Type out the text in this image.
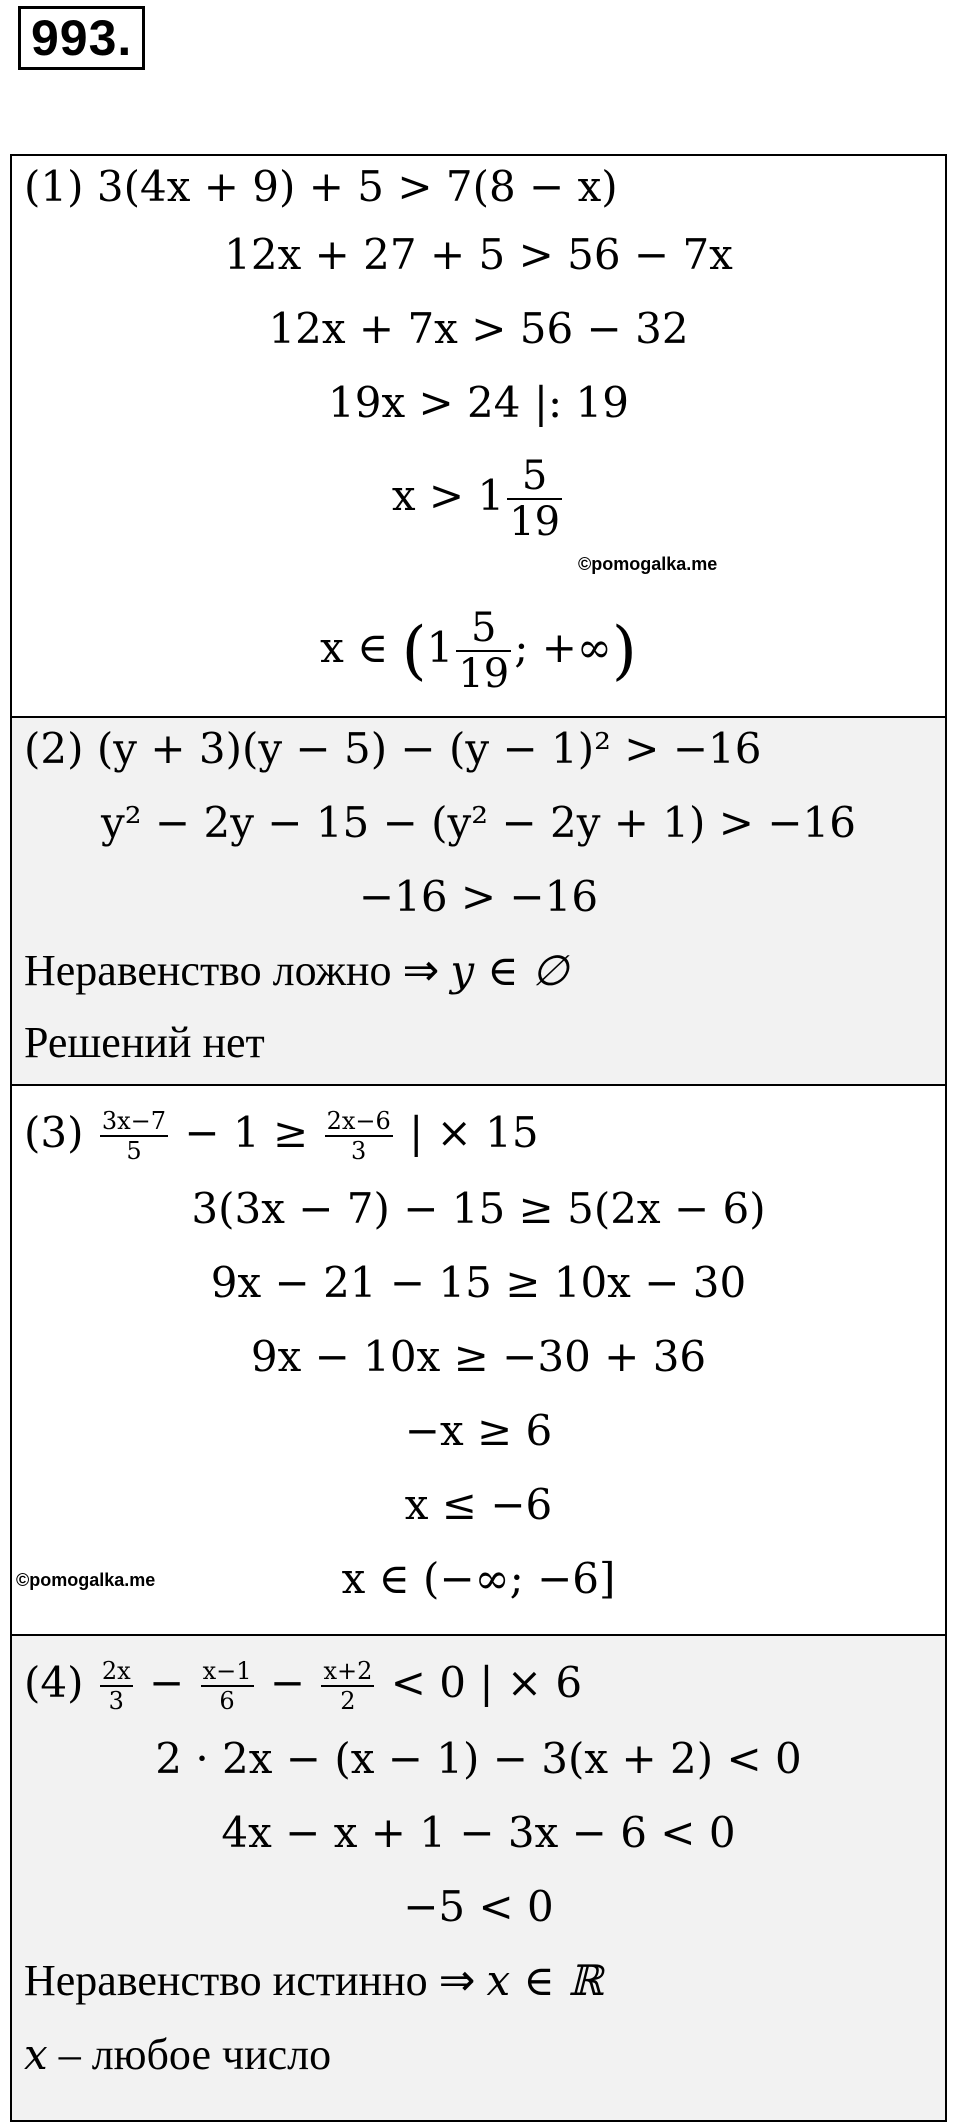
993.
(1) 3(4x + 9) + 5 > 7(8 − x)
12x + 27 + 5 > 56 − 7x
12x + 7x > 56 − 32
19x > 24 |: 19
$x > 1 \frac{5}{19}$
©pomogalka.me
x ∈ ($1 \frac{5}{19}$ ; +∞)
(2) (y + 3)(y − 5) − (y − 1)² > −16
y² − 2y − 15 − (y² − 2y + 1) > −16
−16 > −16
Неравенство ложно ⇒ y ∈ ∅
Решений нет
$(3) \frac{3x-7}{5} - 1 \ge \frac{2x-6}{3}$ | × 15
3(3x − 7) − 15 ≥ 5(2x − 6)
9x − 21 − 15 ≥ 10x − 30
9x − 10x ≥ −30 + 36
−x ≥ 6
x ≤ −6
©pomogalka.me	x ∈ (−∞; −6]
$(4) \frac{2x}{3} - \frac{x-1}{6} - \frac{x+2}{2} < 0$ | × 6
2 · 2x − (x − 1) − 3(x + 2) < 0
4x − x + 1 − 3x − 6 < 0
−5 < 0
Неравенство истинно ⇒ x ∈ ℝ
x – любое число
